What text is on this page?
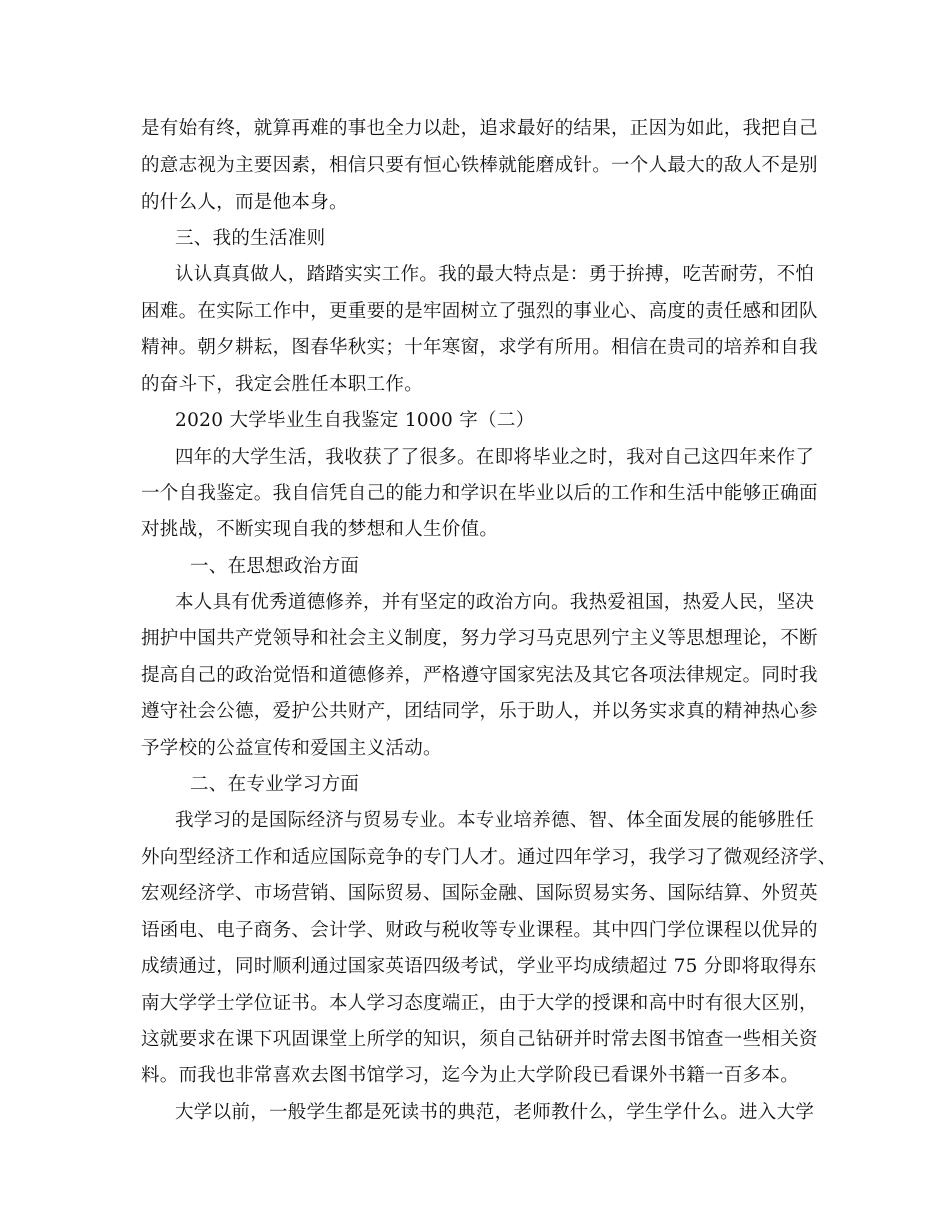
是有始有终，就算再难的事也全力以赴，追求最好的结果，正因为如此，我把自己
的意志视为主要因素，相信只要有恒心铁棒就能磨成针。一个人最大的敌人不是别
的什么人，而是他本身。
三、我的生活准则
认认真真做人，踏踏实实工作。我的最大特点是：勇于拚搏，吃苦耐劳，不怕
困难。在实际工作中，更重要的是牢固树立了强烈的事业心、高度的责任感和团队
精神。朝夕耕耘，图春华秋实；十年寒窗，求学有所用。相信在贵司的培养和自我
的奋斗下，我定会胜任本职工作。
2020 大学毕业生自我鉴定 1000 字（二）
四年的大学生活，我收获了了很多。在即将毕业之时，我对自己这四年来作了
一个自我鉴定。我自信凭自己的能力和学识在毕业以后的工作和生活中能够正确面
对挑战，不断实现自我的梦想和人生价值。
一、在思想政治方面
本人具有优秀道德修养，并有坚定的政治方向。我热爱祖国，热爱人民，坚决
拥护中国共产党领导和社会主义制度，努力学习马克思列宁主义等思想理论，不断
提高自己的政治觉悟和道德修养，严格遵守国家宪法及其它各项法律规定。同时我
遵守社会公德，爱护公共财产，团结同学，乐于助人，并以务实求真的精神热心参
予学校的公益宣传和爱国主义活动。
二、在专业学习方面
我学习的是国际经济与贸易专业。本专业培养德、智、体全面发展的能够胜任
外向型经济工作和适应国际竞争的专门人才。通过四年学习，我学习了微观经济学、
宏观经济学、市场营销、国际贸易、国际金融、国际贸易实务、国际结算、外贸英
语函电、电子商务、会计学、财政与税收等专业课程。其中四门学位课程以优异的
成绩通过，同时顺利通过国家英语四级考试，学业平均成绩超过 75 分即将取得东
南大学学士学位证书。本人学习态度端正，由于大学的授课和高中时有很大区别，
这就要求在课下巩固课堂上所学的知识，须自己钻研并时常去图书馆查一些相关资
料。而我也非常喜欢去图书馆学习，迄今为止大学阶段已看课外书籍一百多本。
大学以前，一般学生都是死读书的典范，老师教什么，学生学什么。进入大学
